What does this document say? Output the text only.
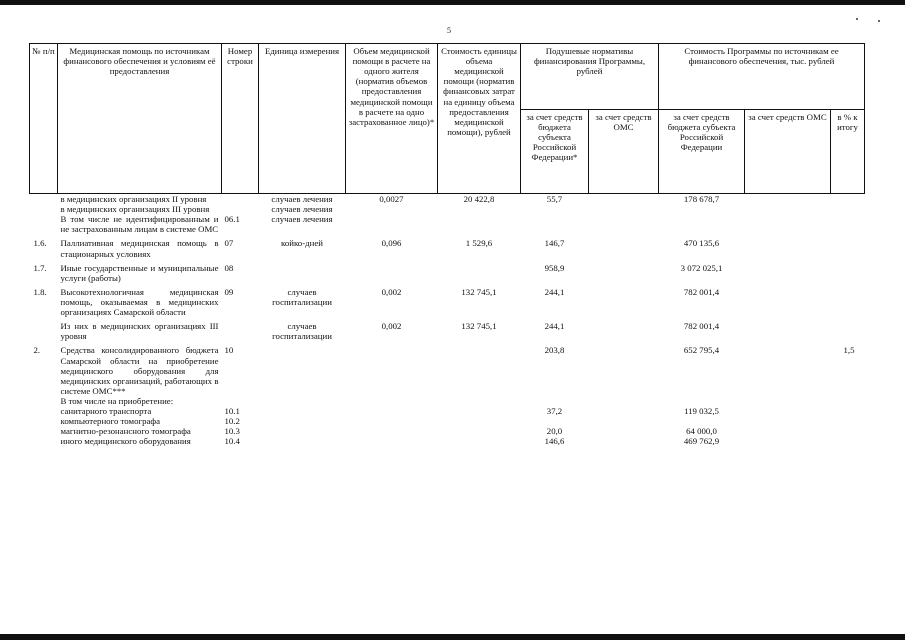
5
№ п/п	Медицинская помощь по источникам финансового обеспечения и условиям её предоставления	Номер строки	Единица измерения	Объем медицинской помощи в расчете на одного жителя (норматив объемов предоставления медицинской помощи в расчете на одно застрахованное лицо)*	Стоимость единицы объема медицинской помощи (норматив финансовых затрат на единицу объема предоставления медицинской помощи), рублей	Подушевые нормативы финансирования Программы, рублей		Стоимость Программы по источникам ее финансового обеспечения, тыс. рублей		
						за счет средств бюджета субъекта Российской Федерации*	за счет средств ОМС	за счет средств бюджета субъекта Российской Федерации	за счет средств ОМС	в % к итогу
	в медицинских организациях II уровня		случаев лечения	0,0027	20 422,8	55,7		178 678,7		
	в медицинских организациях III уровня		случаев лечения							
	В том числе не идентифицированным и не застрахованным лицам в системе ОМС	06.1	случаев лечения							
1.6.	Паллиативная медицинская помощь в стационарных условиях	07	койко-дней	0,096	1 529,6	146,7		470 135,6		
1.7.	Иные государственные и муниципальные услуги (работы)	08				958,9		3 072 025,1		
1.8.	Высокотехнологичная медицинская помощь, оказываемая в медицинских организациях Самарской области	09	случаев госпитализации	0,002	132 745,1	244,1		782 001,4		
	Из них в медицинских организациях III уровня		случаев госпитализации	0,002	132 745,1	244,1		782 001,4		
2.	Средства консолидированного бюджета Самарской области на приобретение медицинского оборудования для медицинских организаций, работающих в системе ОМС***	10				203,8		652 795,4		1,5
	В том числе на приобретение:									
	санитарного транспорта	10.1				37,2		119 032,5		
	компьютерного томографа	10.2								
	магнитно-резонансного томографа	10.3				20,0		64 000,0		
	иного медицинского оборудования	10.4				146,6		469 762,9		
